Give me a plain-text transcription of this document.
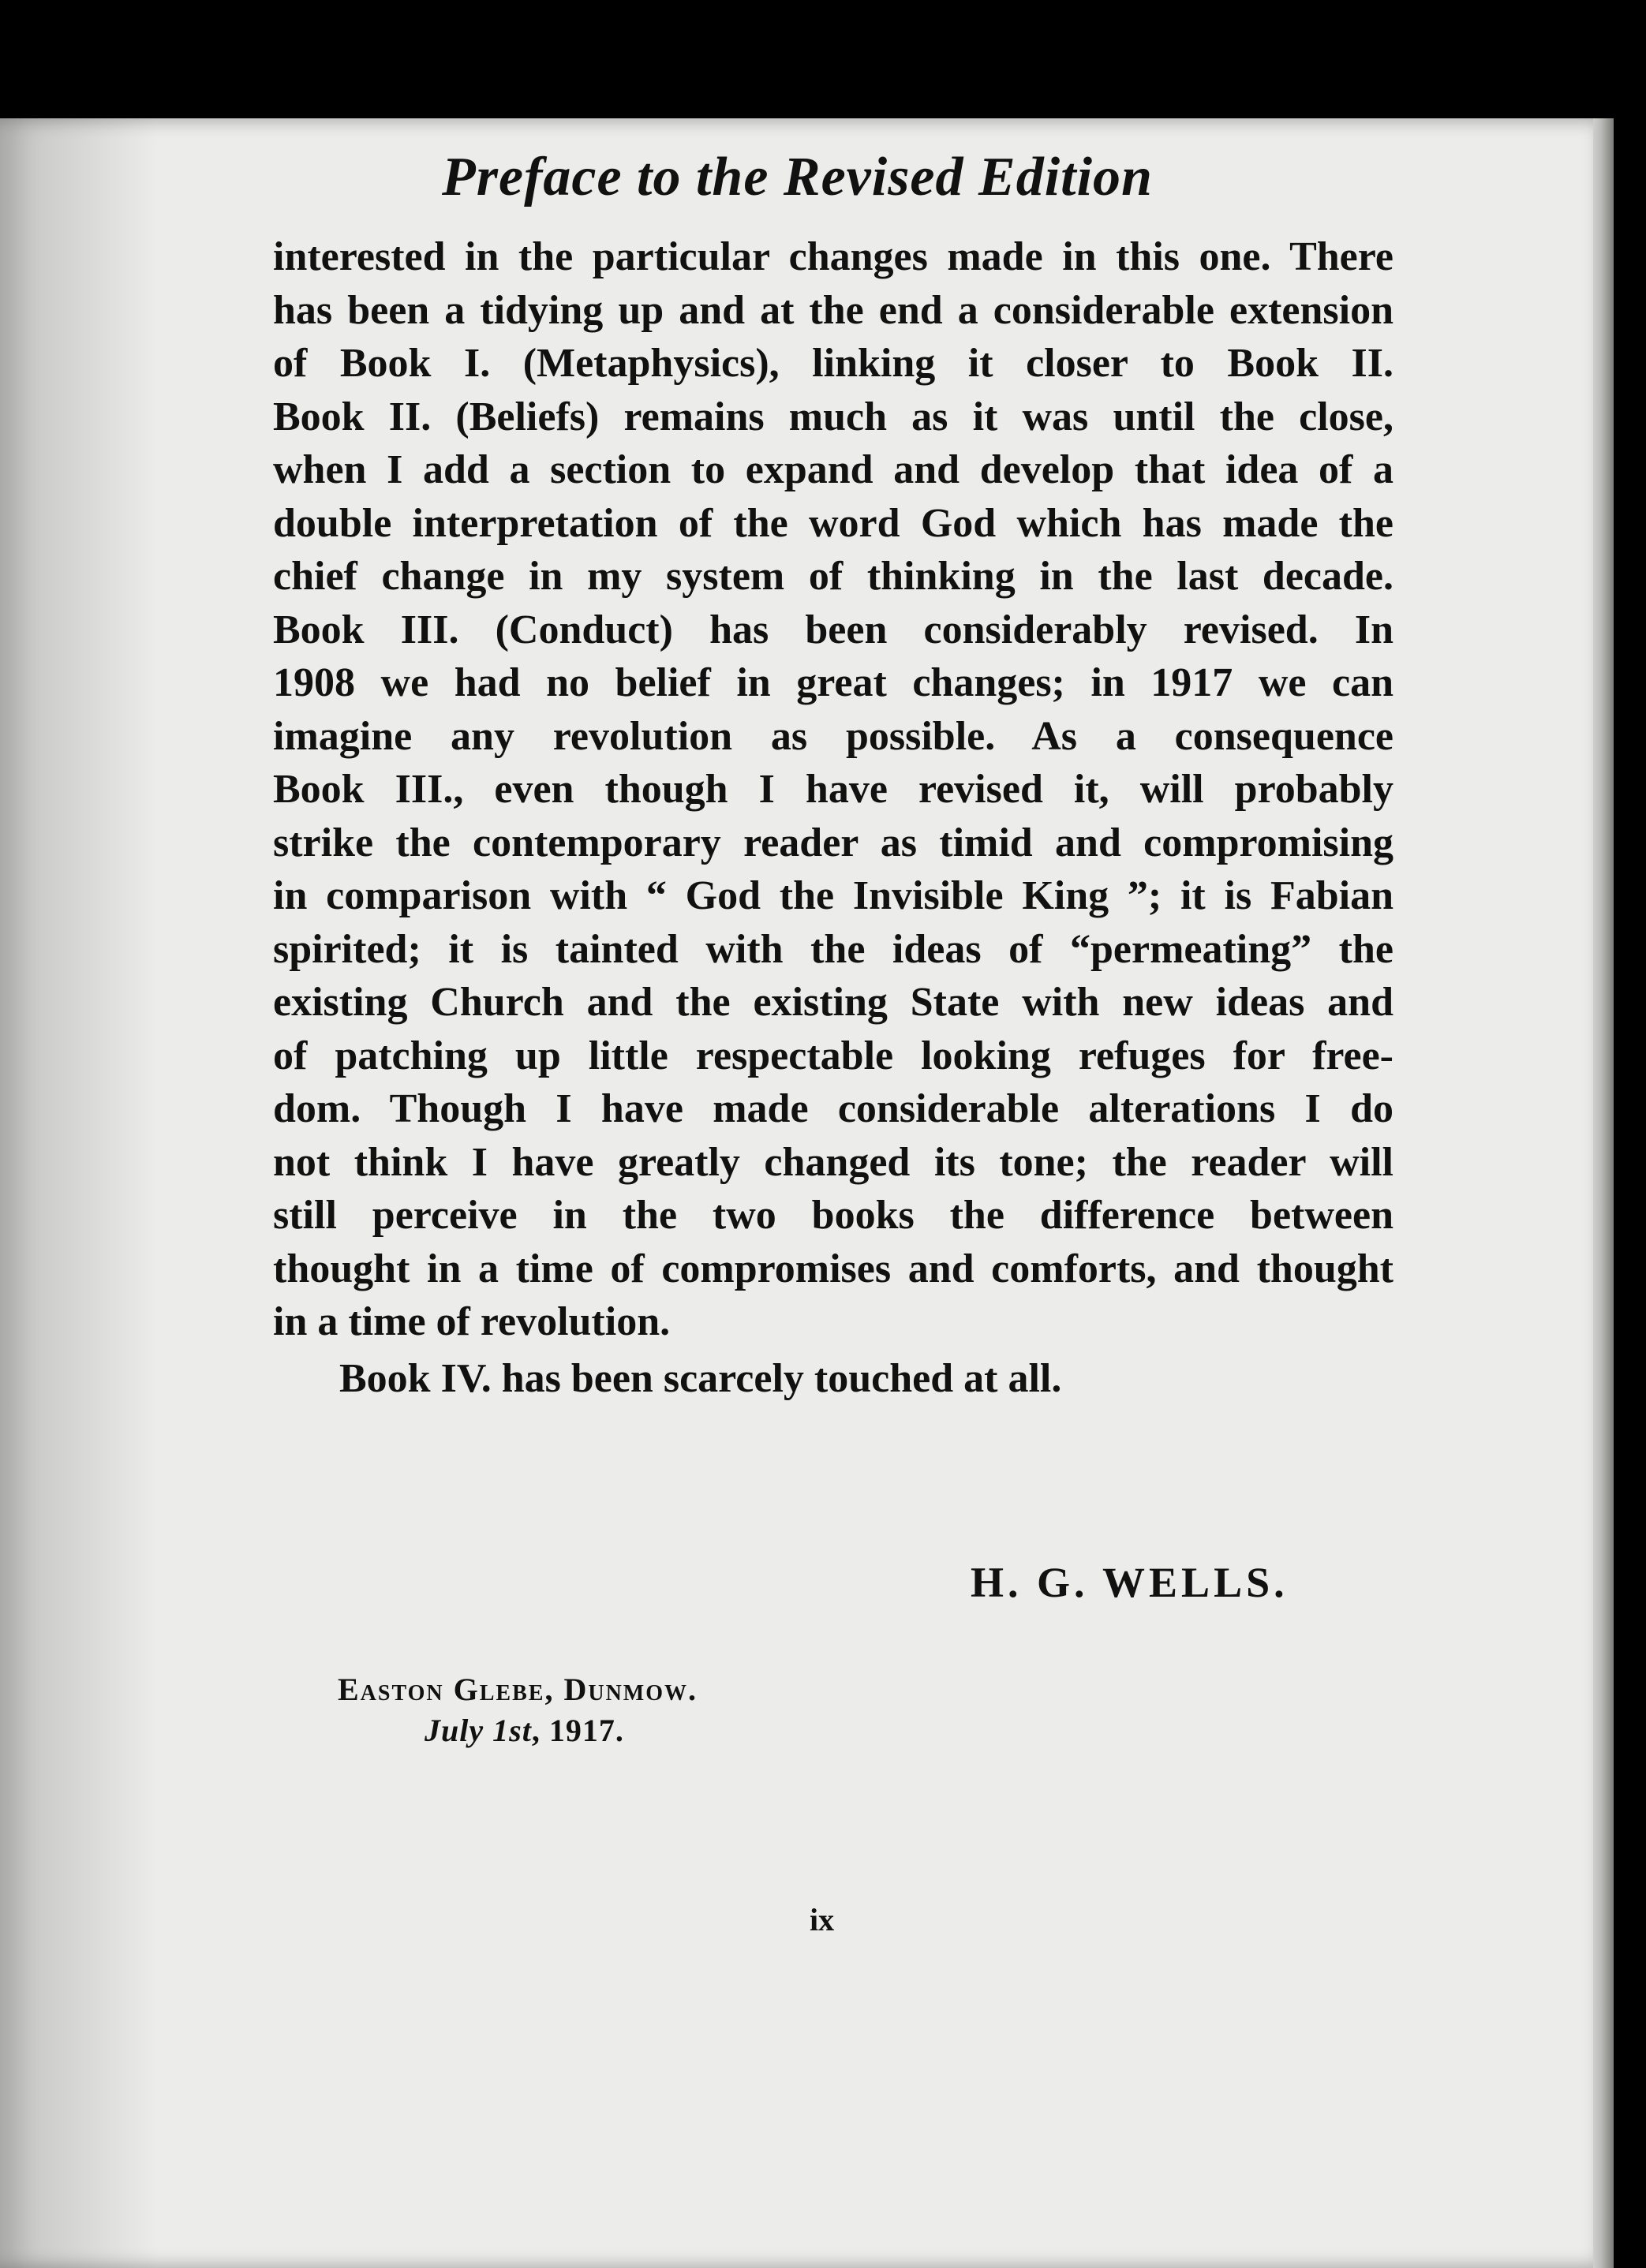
Preface to the Revised Edition
interested in the particular changes made in this one. There
has been a tidying up and at the end a considerable extension
of Book I. (Metaphysics), linking it closer to Book II.
Book II. (Beliefs) remains much as it was until the close,
when I add a section to expand and develop that idea of a
double interpretation of the word God which has made the
chief change in my system of thinking in the last decade.
Book III. (Conduct) has been considerably revised. In
1908 we had no belief in great changes; in 1917 we can
imagine any revolution as possible. As a consequence
Book III., even though I have revised it, will probably
strike the contemporary reader as timid and compromising
in comparison with “ God the Invisible King ”; it is Fabian
spirited; it is tainted with the ideas of “permeating” the
existing Church and the existing State with new ideas and
of patching up little respectable looking refuges for free-
dom. Though I have made considerable alterations I do
not think I have greatly changed its tone; the reader will
still perceive in the two books the difference between
thought in a time of compromises and comforts, and thought
in a time of revolution.
Book IV. has been scarcely touched at all.
H. G. WELLS.
Easton Glebe, Dunmow.
July 1st, 1917.
ix
